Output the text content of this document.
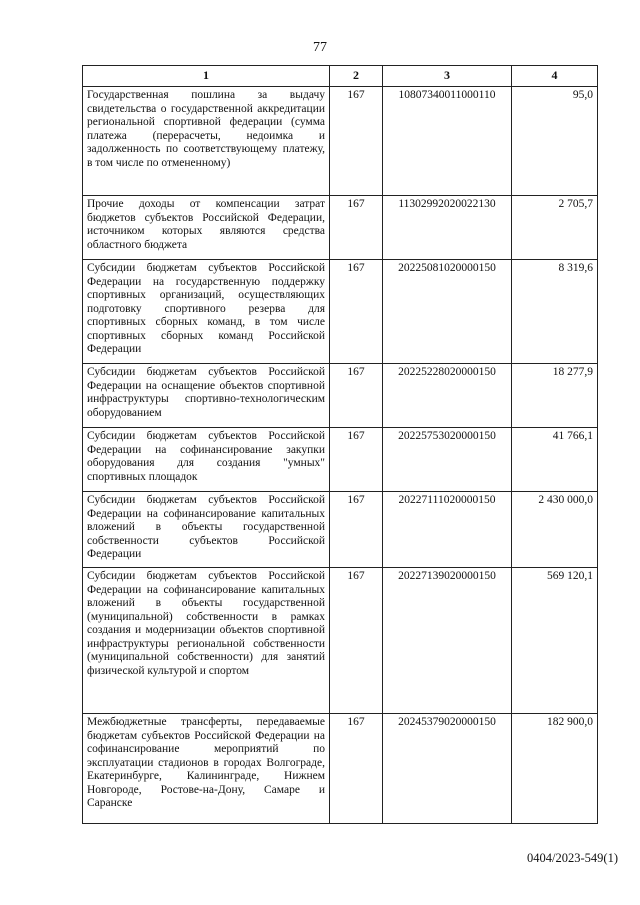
77
1	2	3	4
Государственная пошлина за выдачу свидетельства о государственной аккредитации региональной спортивной федерации (сумма платежа (перерасчеты, недоимка и задолженность по соответствующему платежу, в том числе по отмененному)	167	10807340011000110	95,0
Прочие доходы от компенсации затрат бюджетов субъектов Российской Федерации, источником которых являются средства областного бюджета	167	11302992020022130	2 705,7
Субсидии бюджетам субъектов Российской Федерации на государственную поддержку спортивных организаций, осуществляющих подготовку спортивного резерва для спортивных сборных команд, в том числе спортивных сборных команд Российской Федерации	167	20225081020000150	8 319,6
Субсидии бюджетам субъектов Российской Федерации на оснащение объектов спортивной инфраструктуры спортивно-технологическим оборудованием	167	20225228020000150	18 277,9
Субсидии бюджетам субъектов Российской Федерации на софинансирование закупки оборудования для создания "умных" спортивных площадок	167	20225753020000150	41 766,1
Субсидии бюджетам субъектов Российской Федерации на софинансирование капитальных вложений в объекты государственной собственности субъектов Российской Федерации	167	20227111020000150	2 430 000,0
Субсидии бюджетам субъектов Российской Федерации на софинансирование капитальных вложений в объекты государственной (муниципальной) собственности в рамках создания и модернизации объектов спортивной инфраструктуры региональной собственности (муниципальной собственности) для занятий физической культурой и спортом	167	20227139020000150	569 120,1
Межбюджетные трансферты, передаваемые бюджетам субъектов Российской Федерации на софинансирование мероприятий по эксплуатации стадионов в городах Волгограде, Екатеринбурге, Калининграде, Нижнем Новгороде, Ростове-на-Дону, Самаре и Саранске	167	20245379020000150	182 900,0
0404/2023-549(1)
